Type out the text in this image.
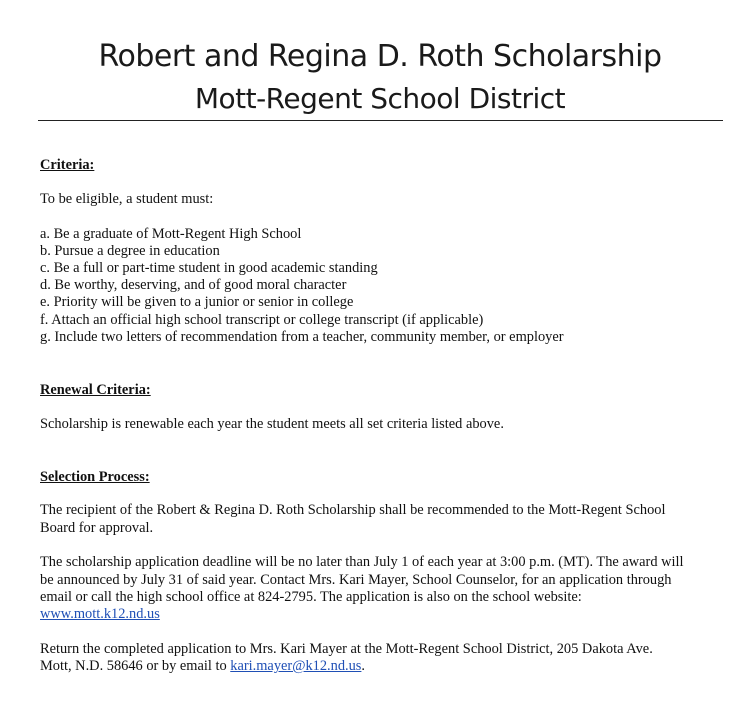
Robert and Regina D. Roth Scholarship
Mott-Regent School District
Criteria:
To be eligible, a student must:
a. Be a graduate of Mott-Regent High School
b. Pursue a degree in education
c. Be a full or part-time student in good academic standing
d. Be worthy, deserving, and of good moral character
e. Priority will be given to a junior or senior in college
f. Attach an official high school transcript or college transcript (if applicable)
g. Include two letters of recommendation from a teacher, community member, or employer
Renewal Criteria:
Scholarship is renewable each year the student meets all set criteria listed above.
Selection Process:
The recipient of the Robert & Regina D. Roth Scholarship shall be recommended to the Mott-Regent School
Board for approval.
The scholarship application deadline will be no later than July 1 of each year at 3:00 p.m. (MT). The award will
be announced by July 31 of said year. Contact Mrs. Kari Mayer, School Counselor, for an application through
email or call the high school office at 824-2795. The application is also on the school website:
www.mott.k12.nd.us
Return the completed application to Mrs. Kari Mayer at the Mott-Regent School District, 205 Dakota Ave.
Mott, N.D. 58646 or by email to kari.mayer@k12.nd.us.
